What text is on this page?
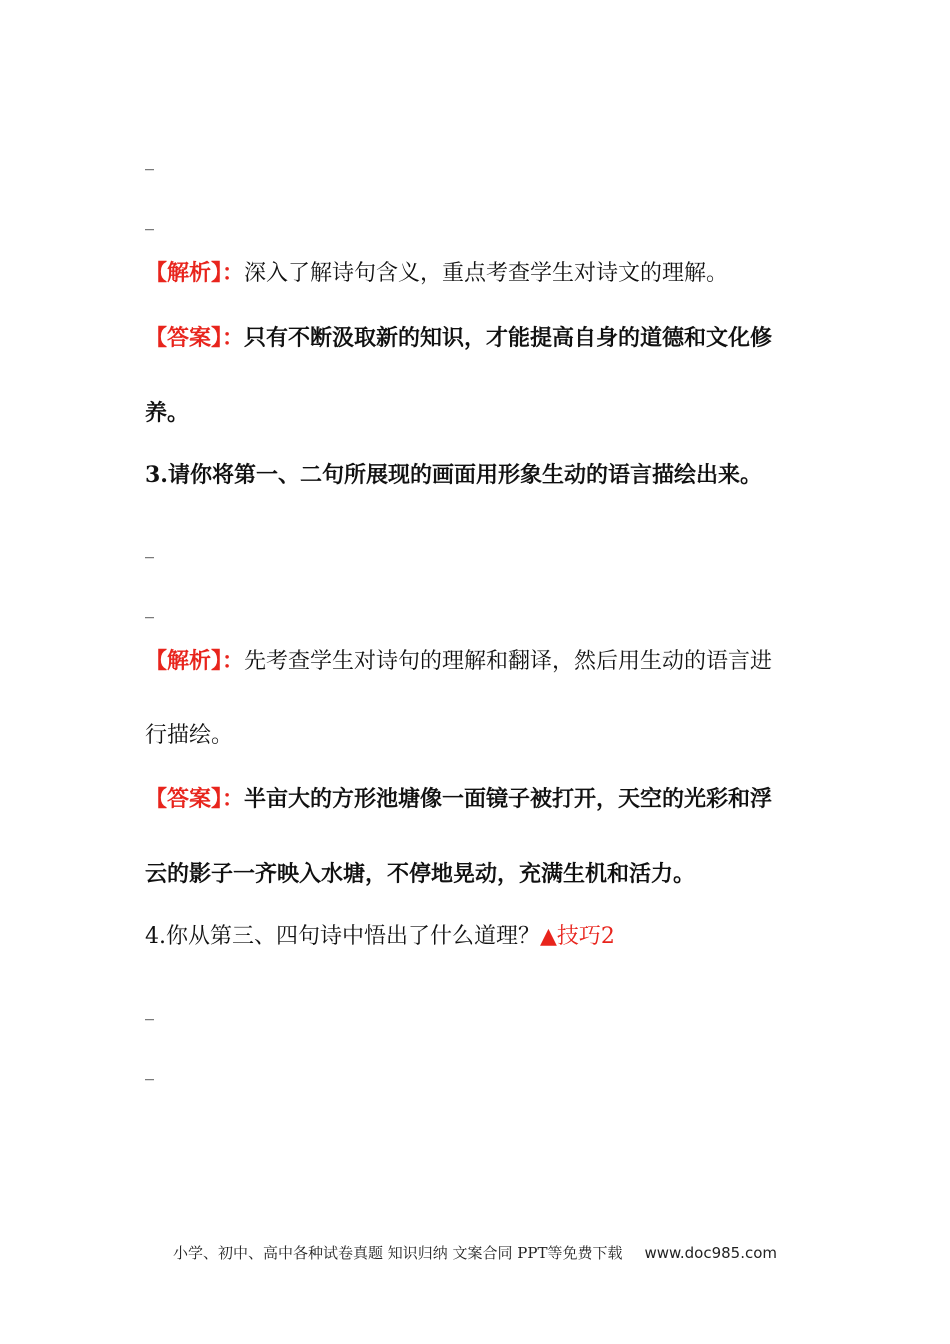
_
_
【解析】：深入了解诗句含义，重点考查学生对诗文的理解。
【答案】：只有不断汲取新的知识，才能提高自身的道德和文化修
养。
3.请你将第一、二句所展现的画面用形象生动的语言描绘出来。
_
_
【解析】：先考查学生对诗句的理解和翻译，然后用生动的语言进
行描绘。
【答案】：半亩大的方形池塘像一面镜子被打开，天空的光彩和浮
云的影子一齐映入水塘，不停地晃动，充满生机和活力。
4.你从第三、四句诗中悟出了什么道理？▲技巧2
_
_
小学、初中、高中各种试卷真题 知识归纳 文案合同 PPT等免费下载 www.doc985.com
